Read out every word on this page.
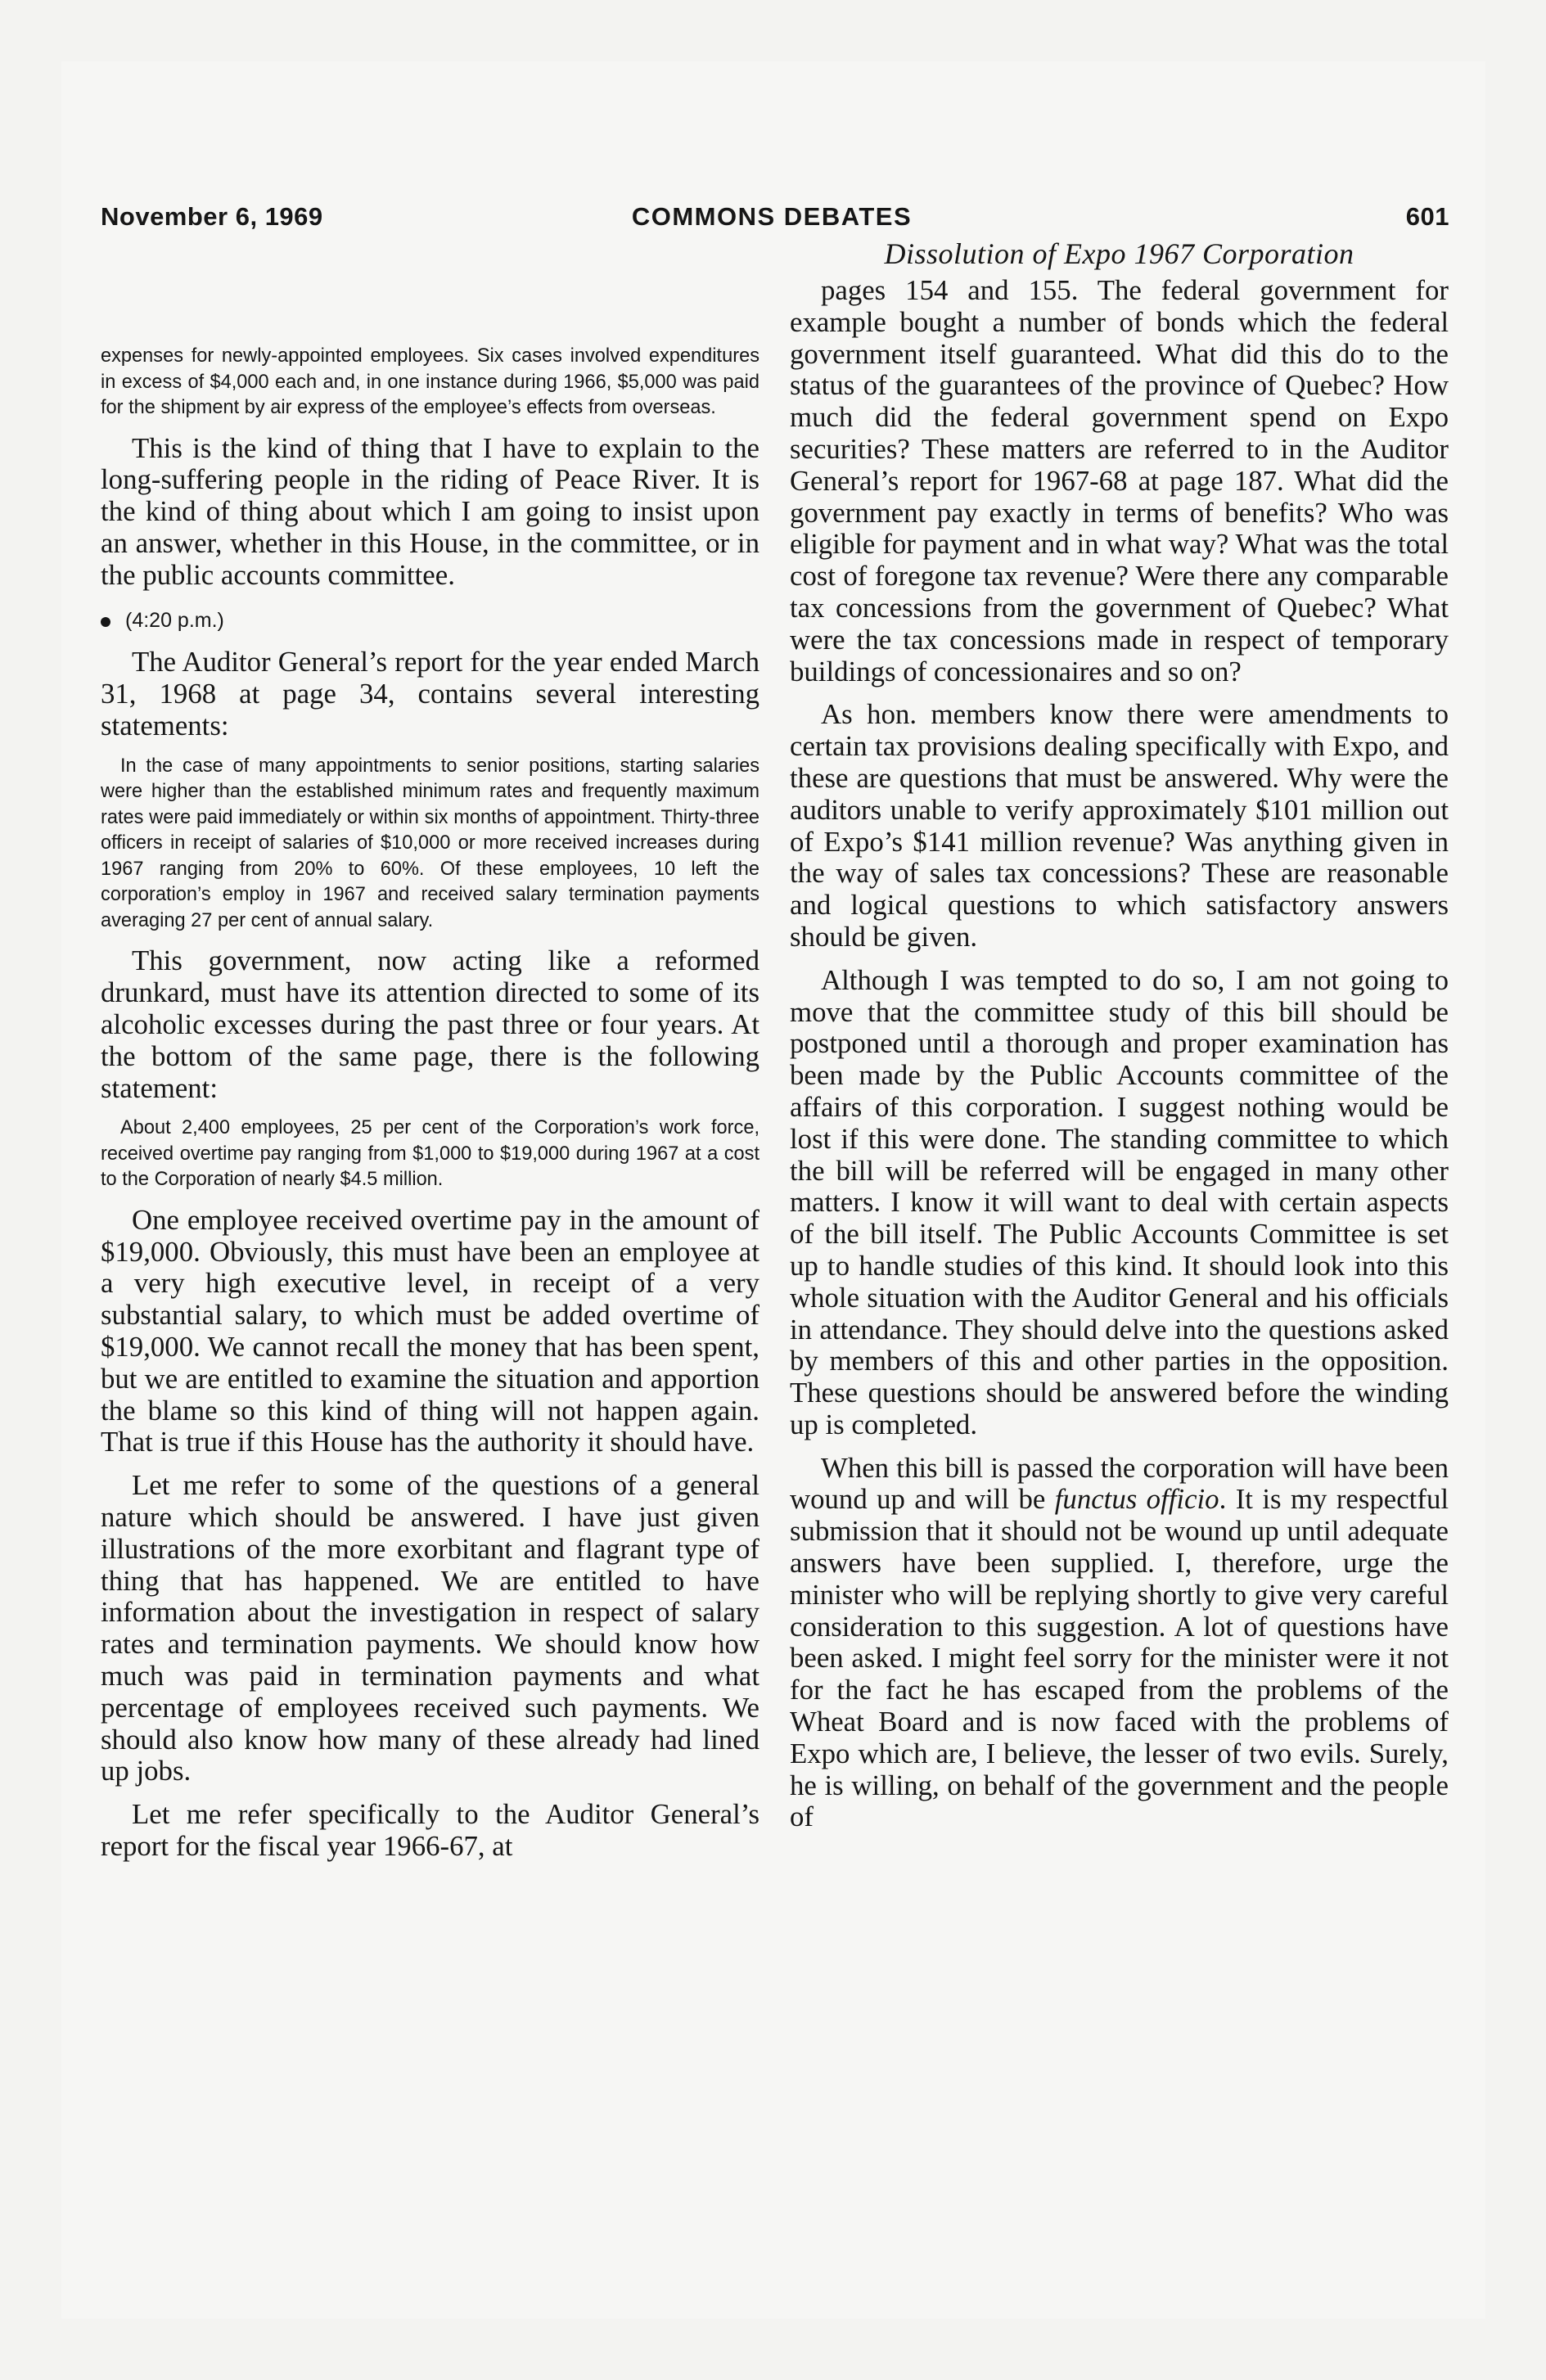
November 6, 1969	COMMONS DEBATES	601

expenses for newly-appointed employees. Six cases involved expenditures in excess of $4,000 each and, in one instance during 1966, $5,000 was paid for the shipment by air express of the employee’s effects from overseas.

This is the kind of thing that I have to explain to the long-suffering people in the riding of Peace River. It is the kind of thing about which I am going to insist upon an answer, whether in this House, in the committee, or in the public accounts committee.

(4:20 p.m.)

The Auditor General’s report for the year ended March 31, 1968 at page 34, contains several interesting statements:

In the case of many appointments to senior positions, starting salaries were higher than the established minimum rates and frequently maximum rates were paid immediately or within six months of appointment. Thirty-three officers in receipt of salaries of $10,000 or more received increases during 1967 ranging from 20% to 60%. Of these employees, 10 left the corporation’s employ in 1967 and received salary termination payments averaging 27 per cent of annual salary.

This government, now acting like a reformed drunkard, must have its attention directed to some of its alcoholic excesses during the past three or four years. At the bottom of the same page, there is the following statement:

About 2,400 employees, 25 per cent of the Corporation’s work force, received overtime pay ranging from $1,000 to $19,000 during 1967 at a cost to the Corporation of nearly $4.5 million.

One employee received overtime pay in the amount of $19,000. Obviously, this must have been an employee at a very high executive level, in receipt of a very substantial salary, to which must be added overtime of $19,000. We cannot recall the money that has been spent, but we are entitled to examine the situation and apportion the blame so this kind of thing will not happen again. That is true if this House has the authority it should have.

Let me refer to some of the questions of a general nature which should be answered. I have just given illustrations of the more exorbitant and flagrant type of thing that has happened. We are entitled to have information about the investigation in respect of salary rates and termination payments. We should know how much was paid in termination payments and what percentage of employees received such payments. We should also know how many of these already had lined up jobs.

Let me refer specifically to the Auditor General’s report for the fiscal year 1966-67, at

Dissolution of Expo 1967 Corporation

pages 154 and 155. The federal government for example bought a number of bonds which the federal government itself guaranteed. What did this do to the status of the guarantees of the province of Quebec? How much did the federal government spend on Expo securities? These matters are referred to in the Auditor General’s report for 1967-68 at page 187. What did the government pay exactly in terms of benefits? Who was eligible for payment and in what way? What was the total cost of foregone tax revenue? Were there any comparable tax concessions from the government of Quebec? What were the tax concessions made in respect of temporary buildings of concessionaires and so on?

As hon. members know there were amendments to certain tax provisions dealing specifically with Expo, and these are questions that must be answered. Why were the auditors unable to verify approximately $101 million out of Expo’s $141 million revenue? Was anything given in the way of sales tax concessions? These are reasonable and logical questions to which satisfactory answers should be given.

Although I was tempted to do so, I am not going to move that the committee study of this bill should be postponed until a thorough and proper examination has been made by the Public Accounts committee of the affairs of this corporation. I suggest nothing would be lost if this were done. The standing committee to which the bill will be referred will be engaged in many other matters. I know it will want to deal with certain aspects of the bill itself. The Public Accounts Committee is set up to handle studies of this kind. It should look into this whole situation with the Auditor General and his officials in attendance. They should delve into the questions asked by members of this and other parties in the opposition. These questions should be answered before the winding up is completed.

When this bill is passed the corporation will have been wound up and will be functus officio. It is my respectful submission that it should not be wound up until adequate answers have been supplied. I, therefore, urge the minister who will be replying shortly to give very careful consideration to this suggestion. A lot of questions have been asked. I might feel sorry for the minister were it not for the fact he has escaped from the problems of the Wheat Board and is now faced with the problems of Expo which are, I believe, the lesser of two evils. Surely, he is willing, on behalf of the government and the people of
